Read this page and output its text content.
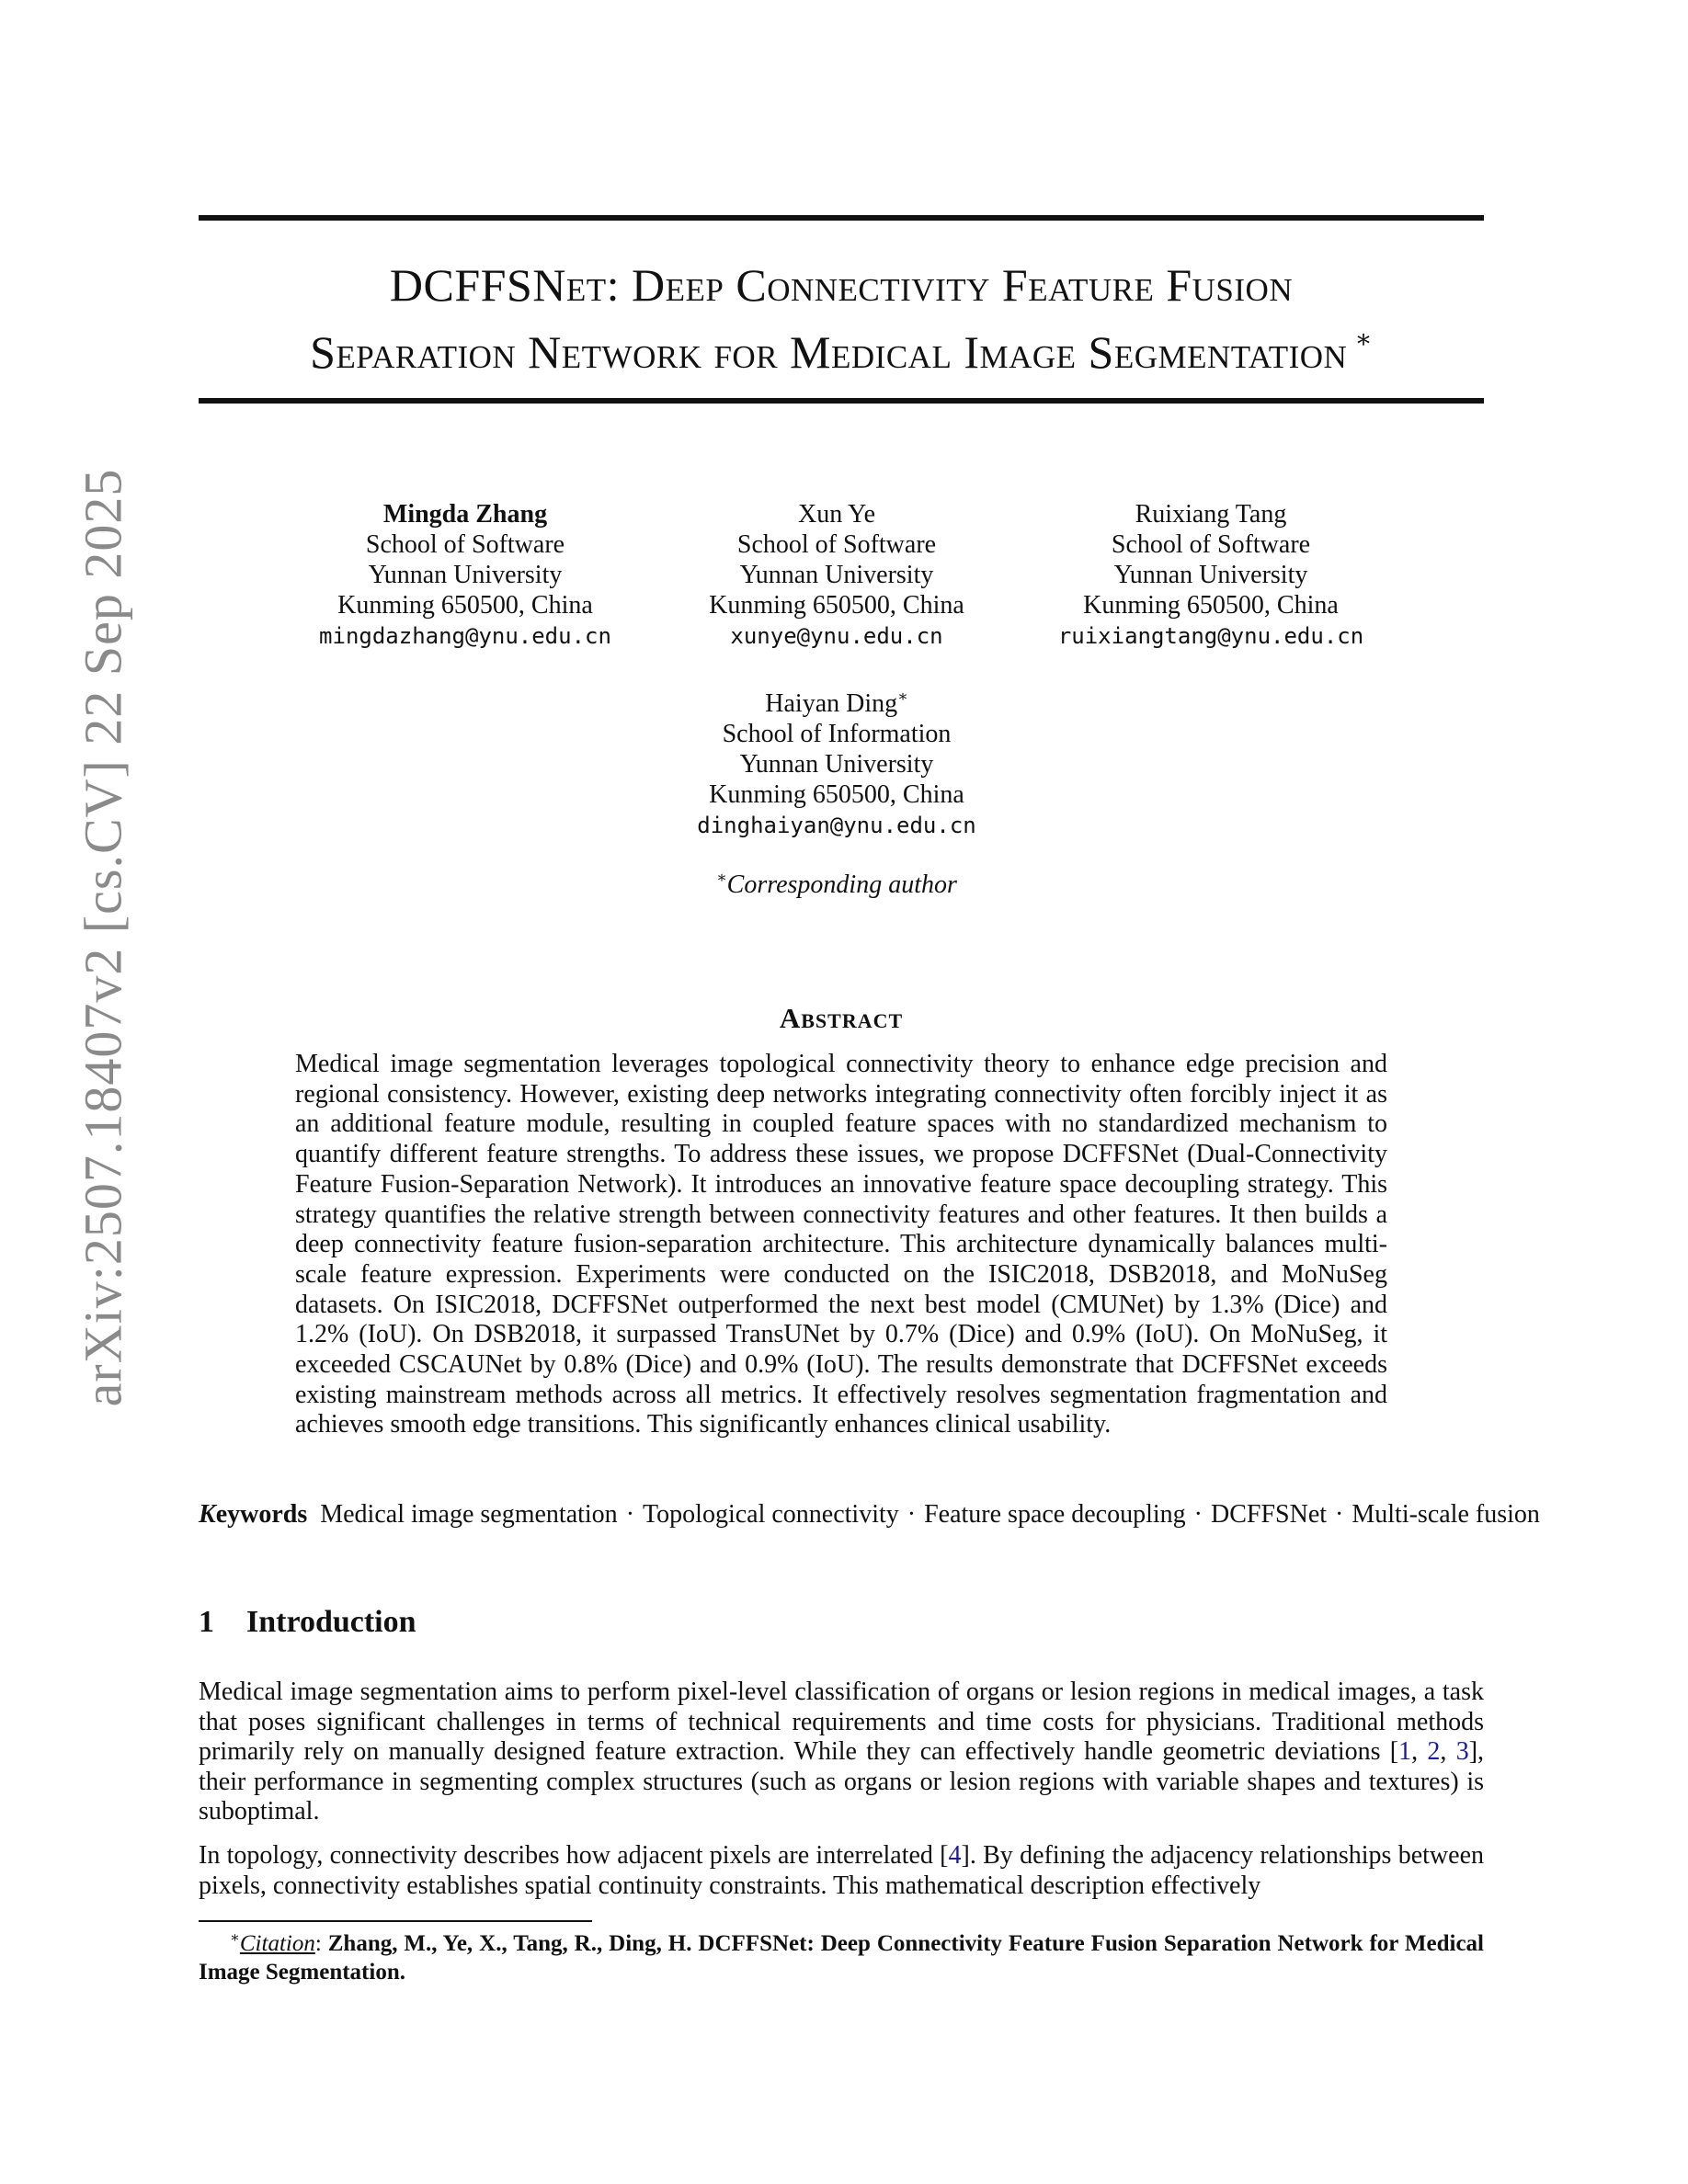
arXiv:2507.18407v2 [cs.CV] 22 Sep 2025
DCFFSNet: Deep Connectivity Feature Fusion
Separation Network for Medical Image Segmentation ∗
Mingda Zhang
School of Software
Yunnan University
Kunming 650500, China
mingdazhang@ynu.edu.cn
Xun Ye
School of Software
Yunnan University
Kunming 650500, China
xunye@ynu.edu.cn
Ruixiang Tang
School of Software
Yunnan University
Kunming 650500, China
ruixiangtang@ynu.edu.cn
Haiyan Ding∗
School of Information
Yunnan University
Kunming 650500, China
dinghaiyan@ynu.edu.cn
∗Corresponding author
Abstract
Medical image segmentation leverages topological connectivity theory to enhance edge precision and regional consistency. However, existing deep networks integrating connectivity often forcibly inject it as an additional feature module, resulting in coupled feature spaces with no standardized mechanism to quantify different feature strengths. To address these issues, we propose DCFFSNet (Dual-Connectivity Feature Fusion-Separation Network). It introduces an innovative feature space decoupling strategy. This strategy quantifies the relative strength between connectivity features and other features. It then builds a deep connectivity feature fusion-separation architecture. This architecture dynamically balances multi-scale feature expression. Experiments were conducted on the ISIC2018, DSB2018, and MoNuSeg datasets. On ISIC2018, DCFFSNet outperformed the next best model (CMUNet) by 1.3% (Dice) and 1.2% (IoU). On DSB2018, it surpassed TransUNet by 0.7% (Dice) and 0.9% (IoU). On MoNuSeg, it exceeded CSCAUNet by 0.8% (Dice) and 0.9% (IoU). The results demonstrate that DCFFSNet exceeds existing mainstream methods across all metrics. It effectively resolves segmentation fragmentation and achieves smooth edge transitions. This significantly enhances clinical usability.
Keywords Medical image segmentation · Topological connectivity · Feature space decoupling · DCFFSNet · Multi-scale fusion
1 Introduction
Medical image segmentation aims to perform pixel-level classification of organs or lesion regions in medical images, a task that poses significant challenges in terms of technical requirements and time costs for physicians. Traditional methods primarily rely on manually designed feature extraction. While they can effectively handle geometric deviations [1, 2, 3], their performance in segmenting complex structures (such as organs or lesion regions with variable shapes and textures) is suboptimal.
In topology, connectivity describes how adjacent pixels are interrelated [4]. By defining the adjacency relationships between pixels, connectivity establishes spatial continuity constraints. This mathematical description effectively
∗Citation: Zhang, M., Ye, X., Tang, R., Ding, H. DCFFSNet: Deep Connectivity Feature Fusion Separation Network for Medical Image Segmentation.
